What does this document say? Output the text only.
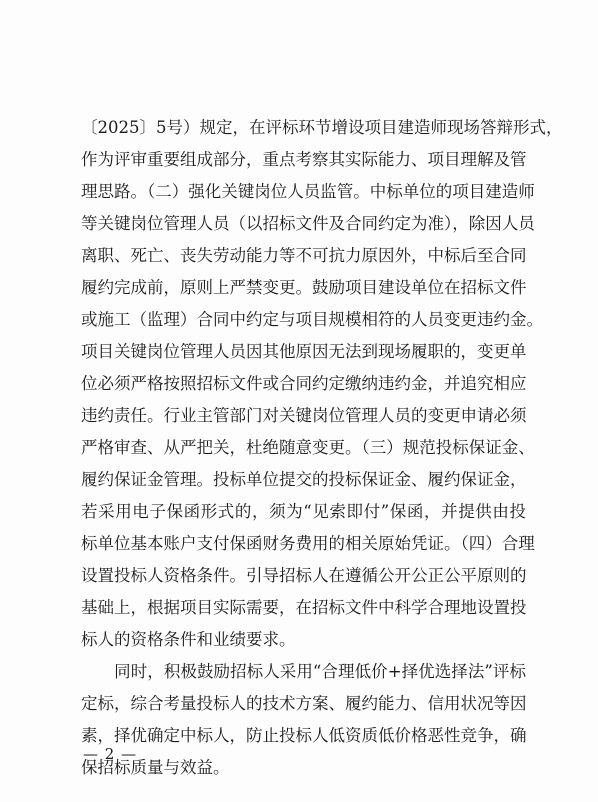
〔2025〕5号）规定，在评标环节增设项目建造师现场答辩形式，
作为评审重要组成部分，重点考察其实际能力、项目理解及管
理思路。（二）强化关键岗位人员监管。中标单位的项目建造师
等关键岗位管理人员（以招标文件及合同约定为准），除因人员
离职、死亡、丧失劳动能力等不可抗力原因外，中标后至合同
履约完成前，原则上严禁变更。鼓励项目建设单位在招标文件
或施工（监理）合同中约定与项目规模相符的人员变更违约金。
项目关键岗位管理人员因其他原因无法到现场履职的，变更单
位必须严格按照招标文件或合同约定缴纳违约金，并追究相应
违约责任。行业主管部门对关键岗位管理人员的变更申请必须
严格审查、从严把关，杜绝随意变更。（三）规范投标保证金、
履约保证金管理。投标单位提交的投标保证金、履约保证金，
若采用电子保函形式的，须为“见索即付”保函，并提供由投
标单位基本账户支付保函财务费用的相关原始凭证。（四）合理
设置投标人资格条件。引导招标人在遵循公开公正公平原则的
基础上，根据项目实际需要，在招标文件中科学合理地设置投
标人的资格条件和业绩要求。
　　同时，积极鼓励招标人采用“合理低价+择优选择法”评标
定标，综合考量投标人的技术方案、履约能力、信用状况等因
素，择优确定中标人，防止投标人低资质低价格恶性竞争，确
保招标质量与效益。
— 2 —
